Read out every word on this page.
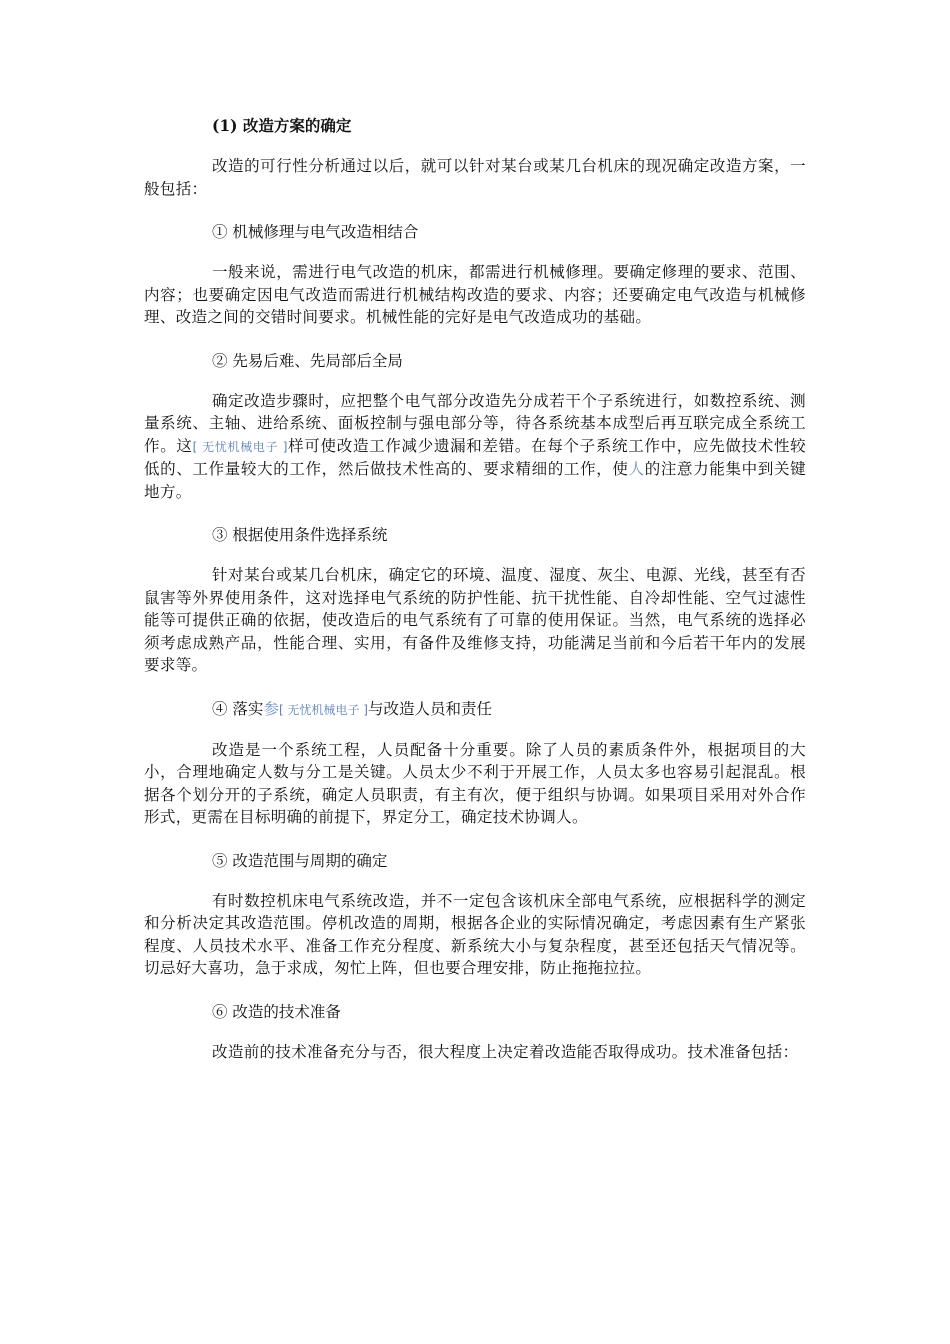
(1) 改造方案的确定

改造的可行性分析通过以后，就可以针对某台或某几台机床的现况确定改造方案，一般包括：

① 机械修理与电气改造相结合

一般来说，需进行电气改造的机床，都需进行机械修理。要确定修理的要求、范围、内容；也要确定因电气改造而需进行机械结构改造的要求、内容；还要确定电气改造与机械修理、改造之间的交错时间要求。机械性能的完好是电气改造成功的基础。

② 先易后难、先局部后全局

确定改造步骤时，应把整个电气部分改造先分成若干个子系统进行，如数控系统、测量系统、主轴、进给系统、面板控制与强电部分等，待各系统基本成型后再互联完成全系统工作。这[ 无忧机械电子 ]样可使改造工作减少遗漏和差错。在每个子系统工作中，应先做技术性较低的、工作量较大的工作，然后做技术性高的、要求精细的工作，使人的注意力能集中到关键地方。

③ 根据使用条件选择系统

针对某台或某几台机床，确定它的环境、温度、湿度、灰尘、电源、光线，甚至有否鼠害等外界使用条件，这对选择电气系统的防护性能、抗干扰性能、自冷却性能、空气过滤性能等可提供正确的依据，使改造后的电气系统有了可靠的使用保证。当然，电气系统的选择必须考虑成熟产品，性能合理、实用，有备件及维修支持，功能满足当前和今后若干年内的发展要求等。

④ 落实参[ 无忧机械电子 ]与改造人员和责任

改造是一个系统工程，人员配备十分重要。除了人员的素质条件外，根据项目的大小，合理地确定人数与分工是关键。人员太少不利于开展工作，人员太多也容易引起混乱。根据各个划分开的子系统，确定人员职责，有主有次，便于组织与协调。如果项目采用对外合作形式，更需在目标明确的前提下，界定分工，确定技术协调人。

⑤ 改造范围与周期的确定

有时数控机床电气系统改造，并不一定包含该机床全部电气系统，应根据科学的测定和分析决定其改造范围。停机改造的周期，根据各企业的实际情况确定，考虑因素有生产紧张程度、人员技术水平、准备工作充分程度、新系统大小与复杂程度，甚至还包括天气情况等。切忌好大喜功，急于求成，匆忙上阵，但也要合理安排，防止拖拖拉拉。

⑥ 改造的技术准备

改造前的技术准备充分与否，很大程度上决定着改造能否取得成功。技术准备包括：
